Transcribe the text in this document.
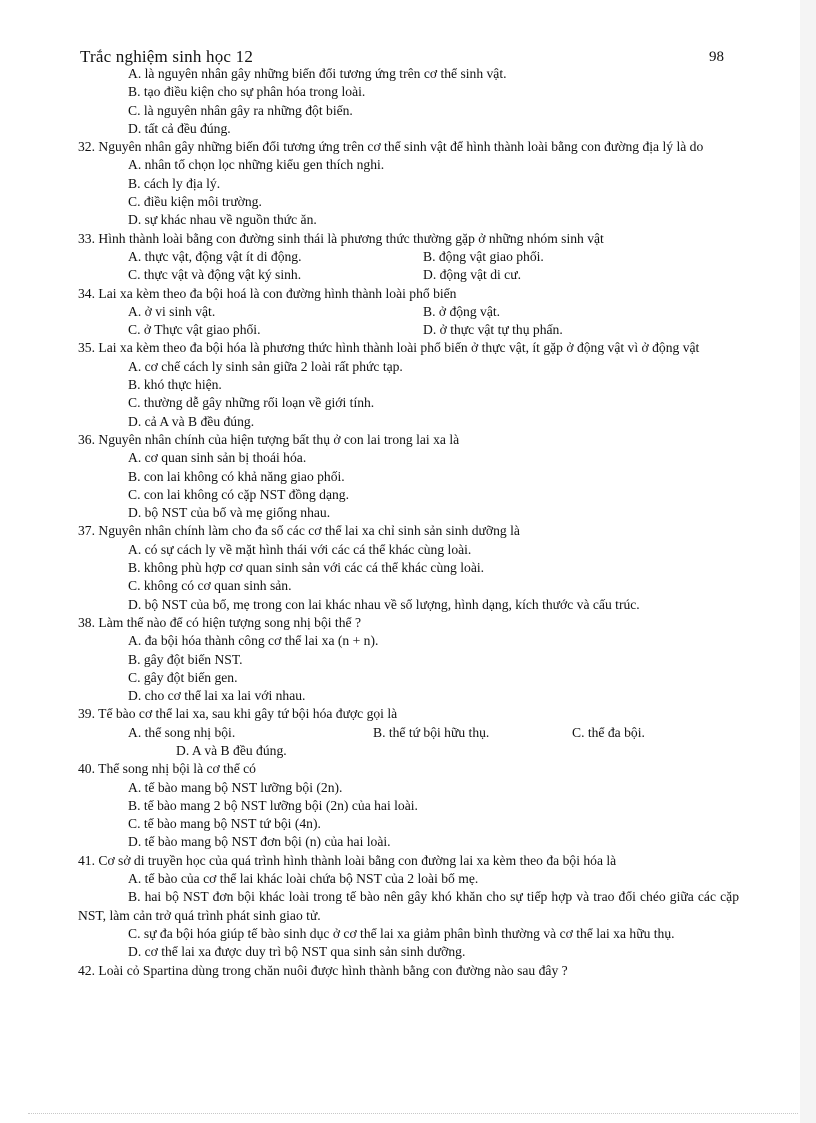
Trắc nghiệm sinh học 12	98
A. là nguyên nhân gây những biến đổi tương ứng trên cơ thể sinh vật.
B. tạo điều kiện cho sự phân hóa trong loài.
C. là nguyên nhân gây ra những đột biến.
D. tất cả đều đúng.
32. Nguyên nhân gây những biến đổi tương ứng trên cơ thể sinh vật để hình thành loài bằng con đường địa lý là do
A. nhân tố chọn lọc những kiểu gen thích nghi.
B. cách ly địa lý.
C. điều kiện môi trường.
D. sự khác nhau về nguồn thức ăn.
33. Hình thành loài bằng con đường sinh thái là phương thức thường gặp ở những nhóm sinh vật
A. thực vật, động vật ít di động.	B. động vật giao phối.
C. thực vật và động vật ký sinh.	D. động vật di cư.
34. Lai xa kèm theo đa bội hoá là con đường hình thành loài phổ biến
A. ở vi sinh vật.	B. ở động vật.
C. ở Thực vật giao phối.	D. ở thực vật tự thụ phấn.
35. Lai xa kèm theo đa bội hóa là phương thức hình thành loài phổ biến ở thực vật, ít gặp ở động vật vì ở động vật
A. cơ chế cách ly sinh sản giữa 2 loài rất phức tạp.
B. khó thực hiện.
C. thường dễ gây những rối loạn về giới tính.
D. cả A và B đều đúng.
36. Nguyên nhân chính của hiện tượng bất thụ ở con lai trong lai xa là
A. cơ quan sinh sản bị thoái hóa.
B. con lai không có khả năng giao phối.
C. con lai không có cặp NST đồng dạng.
D. bộ NST của bố và mẹ giống nhau.
37. Nguyên nhân chính làm cho đa số các cơ thể lai xa chỉ sinh sản sinh dưỡng là
A. có sự cách ly về mặt hình thái với các cá thể khác cùng loài.
B. không phù hợp cơ quan sinh sản với các cá thể khác cùng loài.
C. không có cơ quan sinh sản.
D. bộ NST của bố, mẹ trong con lai khác nhau về số lượng, hình dạng, kích thước và cấu trúc.
38. Làm thế nào để có hiện tượng song nhị bội thể ?
A. đa bội hóa thành công cơ thể lai xa (n + n).
B. gây đột biến NST.
C. gây đột biến gen.
D. cho cơ thể lai xa lai với nhau.
39. Tế bào cơ thể lai xa, sau khi gây tứ bội hóa được gọi là
A. thể song nhị bội.	B. thể tứ bội hữu thụ.	C. thể đa bội.
D. A và B đều đúng.
40. Thể song nhị bội là cơ thể có
A. tế bào mang bộ NST lưỡng bội (2n).
B. tế bào mang 2 bộ NST lưỡng bội (2n) của hai loài.
C. tế bào mang bộ NST tứ bội (4n).
D. tế bào mang bộ NST đơn bội (n) của hai loài.
41. Cơ sở di truyền học của quá trình hình thành loài bằng con đường lai xa kèm theo đa bội hóa là
A. tế bào của cơ thể lai khác loài chứa bộ NST của 2 loài bố mẹ.
B. hai bộ NST đơn bội khác loài trong tế bào nên gây khó khăn cho sự tiếp hợp và trao đổi chéo giữa các cặp NST, làm cản trở quá trình phát sinh giao tử.
C. sự đa bội hóa giúp tế bào sinh dục ở cơ thể lai xa giảm phân bình thường và cơ thể lai xa hữu thụ.
D. cơ thể lai xa được duy trì bộ NST qua sinh sản sinh dưỡng.
42. Loài cỏ Spartina dùng trong chăn nuôi được hình thành bằng con đường nào sau đây ?
